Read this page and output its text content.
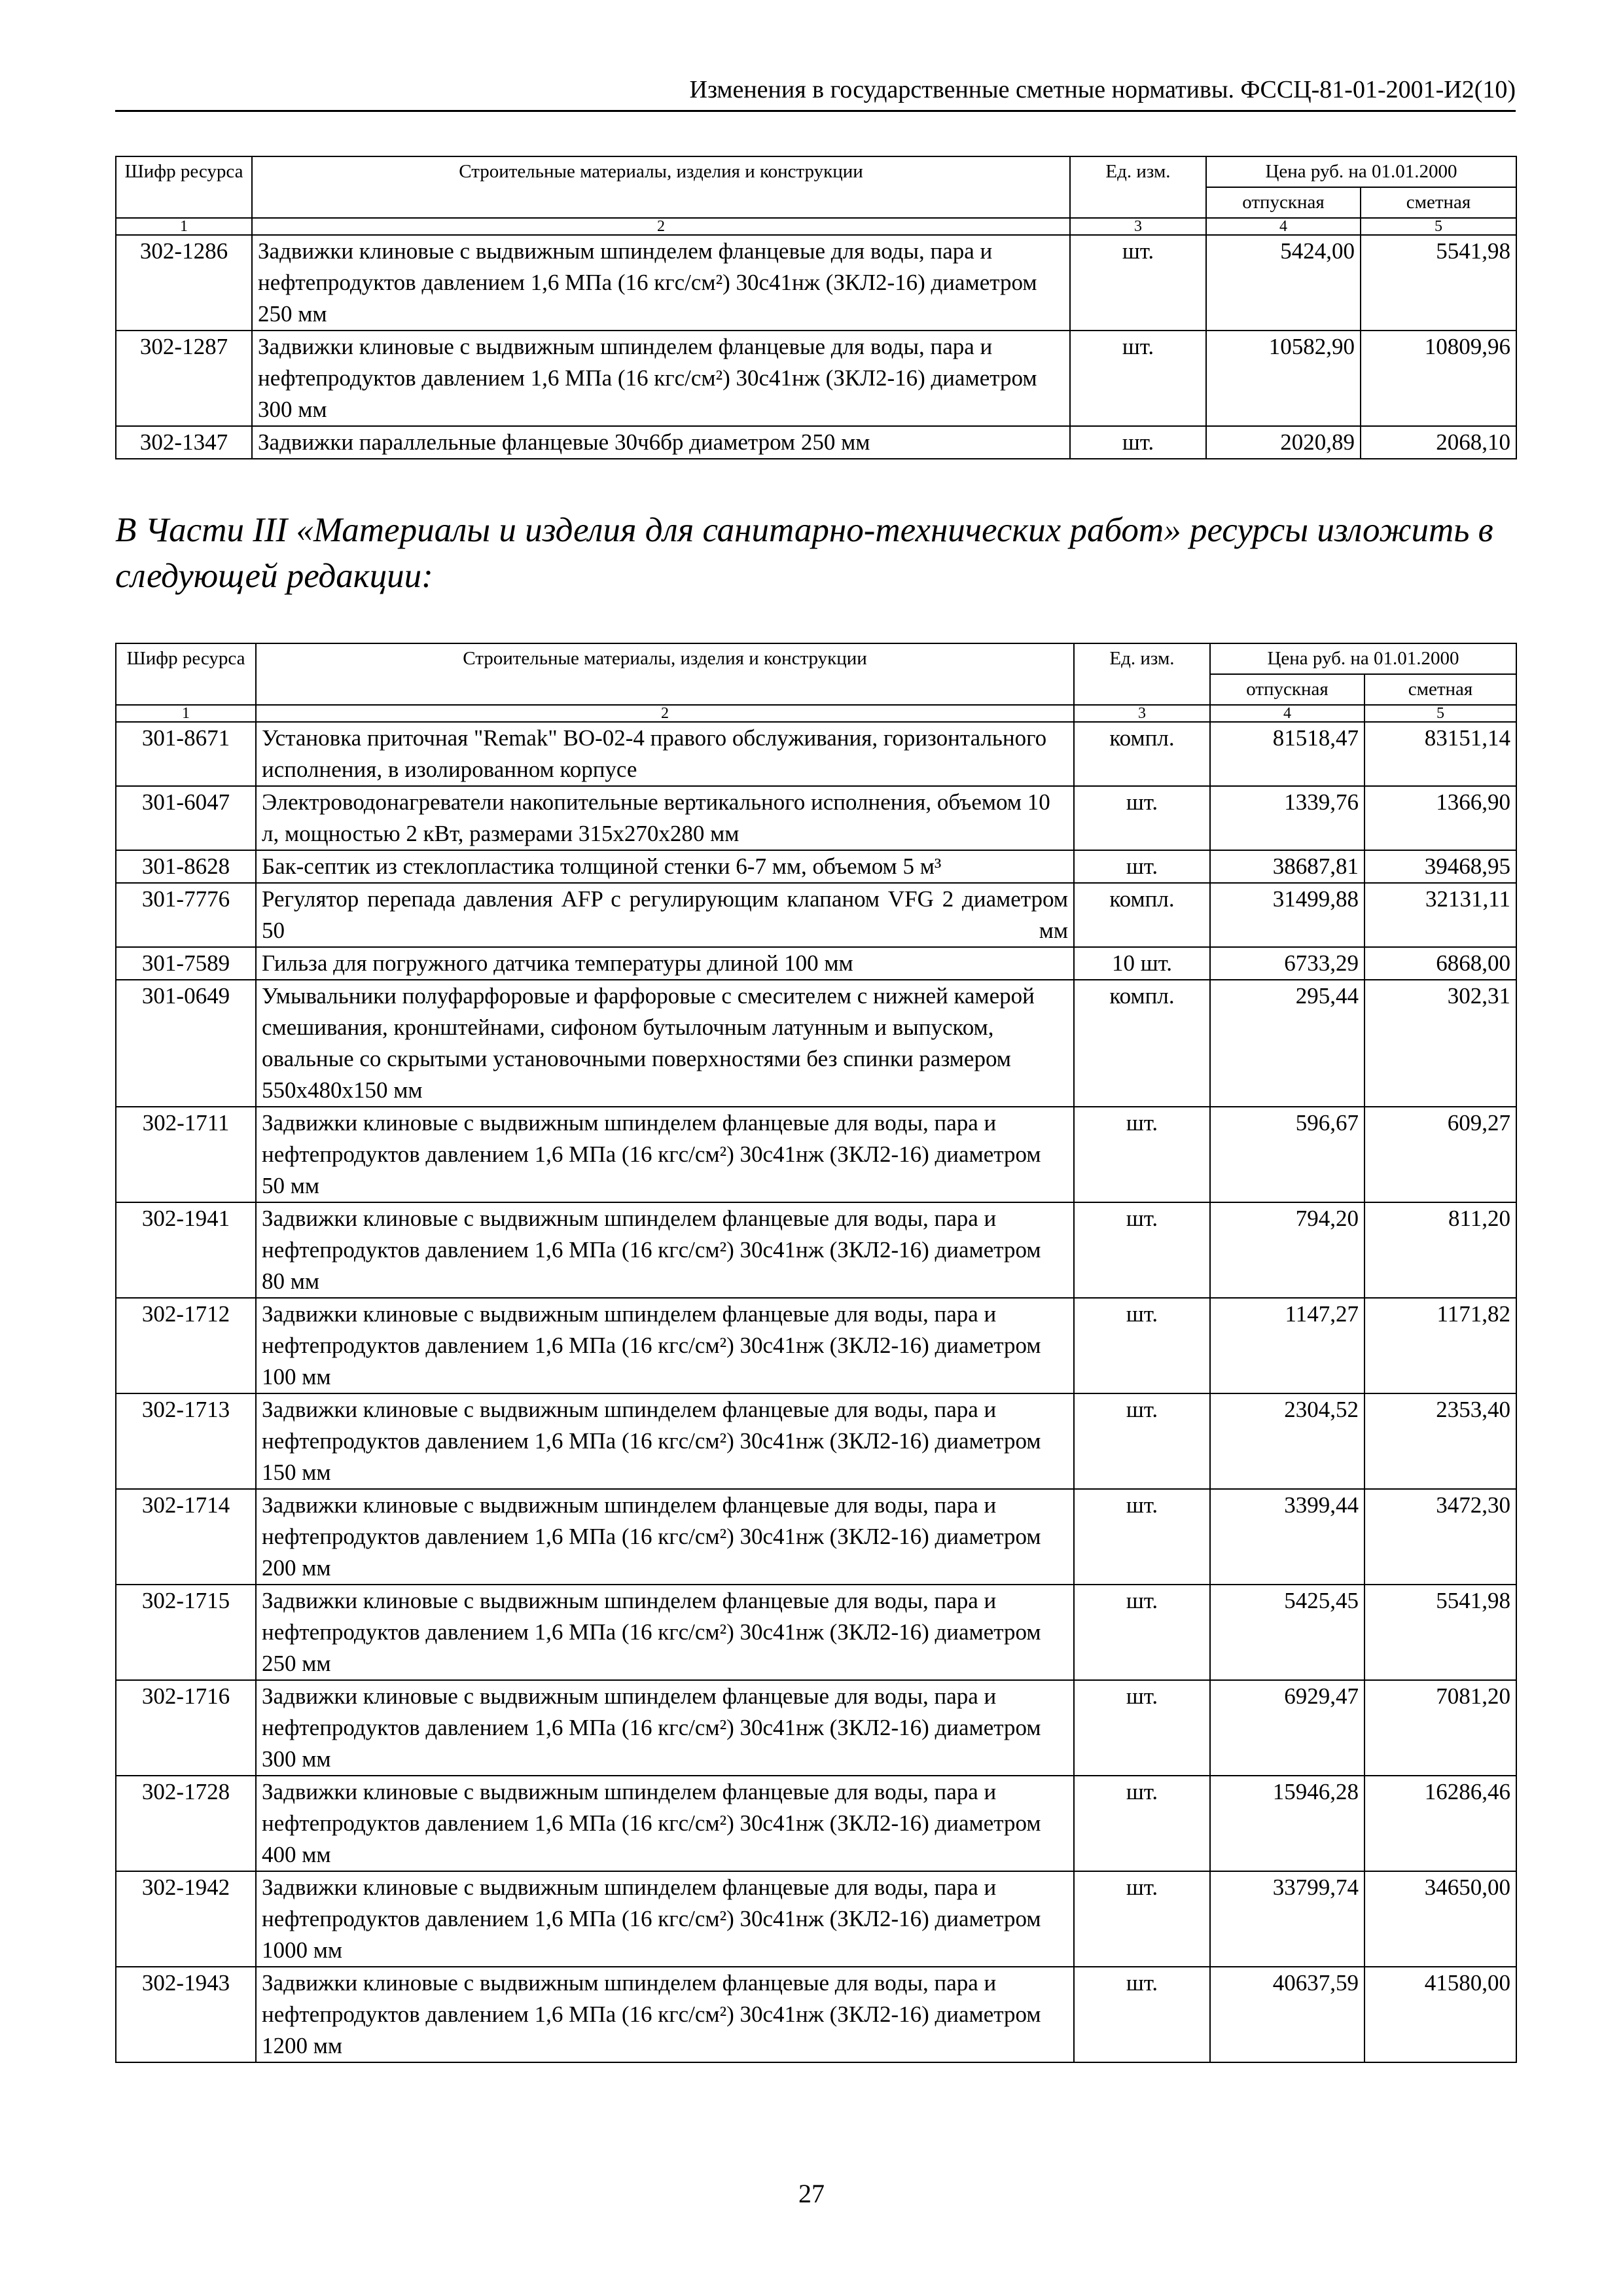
Изменения в государственные сметные нормативы. ФССЦ-81-01-2001-И2(10)
Шифр ресурса	Строительные материалы, изделия и конструкции	Ед. изм.	Цена руб. на 01.01.2000	
			отпускная	сметная
1	2	3	4	5
302-1286	Задвижки клиновые с выдвижным шпинделем фланцевые для воды, пара и нефтепродуктов давлением 1,6 МПа (16 кгс/см²) 30с41нж (ЗКЛ2-16) диаметром 250 мм	шт.	5424,00	5541,98
302-1287	Задвижки клиновые с выдвижным шпинделем фланцевые для воды, пара и нефтепродуктов давлением 1,6 МПа (16 кгс/см²) 30с41нж (ЗКЛ2-16) диаметром 300 мм	шт.	10582,90	10809,96
302-1347	Задвижки параллельные фланцевые 30ч6бр диаметром 250 мм	шт.	2020,89	2068,10
В Части III «Материалы и изделия для санитарно-технических работ» ресурсы изложить в следующей редакции:
Шифр ресурса	Строительные материалы, изделия и конструкции	Ед. изм.	Цена руб. на 01.01.2000	
			отпускная	сметная
1	2	3	4	5
301-8671	Установка приточная "Remak" ВО-02-4 правого обслуживания, горизонтального исполнения, в изолированном корпусе	компл.	81518,47	83151,14
301-6047	Электроводонагреватели накопительные вертикального исполнения, объемом 10 л, мощностью 2 кВт, размерами 315х270х280 мм	шт.	1339,76	1366,90
301-8628	Бак-септик из стеклопластика толщиной стенки 6-7 мм, объемом 5 м³	шт.	38687,81	39468,95
301-7776	Регулятор перепада давления AFP с регулирующим клапаном VFG 2 диаметром 50 мм	компл.	31499,88	32131,11
301-7589	Гильза для погружного датчика температуры длиной 100 мм	10 шт.	6733,29	6868,00
301-0649	Умывальники полуфарфоровые и фарфоровые с смесителем с нижней камерой смешивания, кронштейнами, сифоном бутылочным латунным и выпуском, овальные со скрытыми установочными поверхностями без спинки размером 550х480х150 мм	компл.	295,44	302,31
302-1711	Задвижки клиновые с выдвижным шпинделем фланцевые для воды, пара и нефтепродуктов давлением 1,6 МПа (16 кгс/см²) 30с41нж (ЗКЛ2-16) диаметром 50 мм	шт.	596,67	609,27
302-1941	Задвижки клиновые с выдвижным шпинделем фланцевые для воды, пара и нефтепродуктов давлением 1,6 МПа (16 кгс/см²) 30с41нж (ЗКЛ2-16) диаметром 80 мм	шт.	794,20	811,20
302-1712	Задвижки клиновые с выдвижным шпинделем фланцевые для воды, пара и нефтепродуктов давлением 1,6 МПа (16 кгс/см²) 30с41нж (ЗКЛ2-16) диаметром 100 мм	шт.	1147,27	1171,82
302-1713	Задвижки клиновые с выдвижным шпинделем фланцевые для воды, пара и нефтепродуктов давлением 1,6 МПа (16 кгс/см²) 30с41нж (ЗКЛ2-16) диаметром 150 мм	шт.	2304,52	2353,40
302-1714	Задвижки клиновые с выдвижным шпинделем фланцевые для воды, пара и нефтепродуктов давлением 1,6 МПа (16 кгс/см²) 30с41нж (ЗКЛ2-16) диаметром 200 мм	шт.	3399,44	3472,30
302-1715	Задвижки клиновые с выдвижным шпинделем фланцевые для воды, пара и нефтепродуктов давлением 1,6 МПа (16 кгс/см²) 30с41нж (ЗКЛ2-16) диаметром 250 мм	шт.	5425,45	5541,98
302-1716	Задвижки клиновые с выдвижным шпинделем фланцевые для воды, пара и нефтепродуктов давлением 1,6 МПа (16 кгс/см²) 30с41нж (ЗКЛ2-16) диаметром 300 мм	шт.	6929,47	7081,20
302-1728	Задвижки клиновые с выдвижным шпинделем фланцевые для воды, пара и нефтепродуктов давлением 1,6 МПа (16 кгс/см²) 30с41нж (ЗКЛ2-16) диаметром 400 мм	шт.	15946,28	16286,46
302-1942	Задвижки клиновые с выдвижным шпинделем фланцевые для воды, пара и нефтепродуктов давлением 1,6 МПа (16 кгс/см²) 30с41нж (ЗКЛ2-16) диаметром 1000 мм	шт.	33799,74	34650,00
302-1943	Задвижки клиновые с выдвижным шпинделем фланцевые для воды, пара и нефтепродуктов давлением 1,6 МПа (16 кгс/см²) 30с41нж (ЗКЛ2-16) диаметром 1200 мм	шт.	40637,59	41580,00
27
